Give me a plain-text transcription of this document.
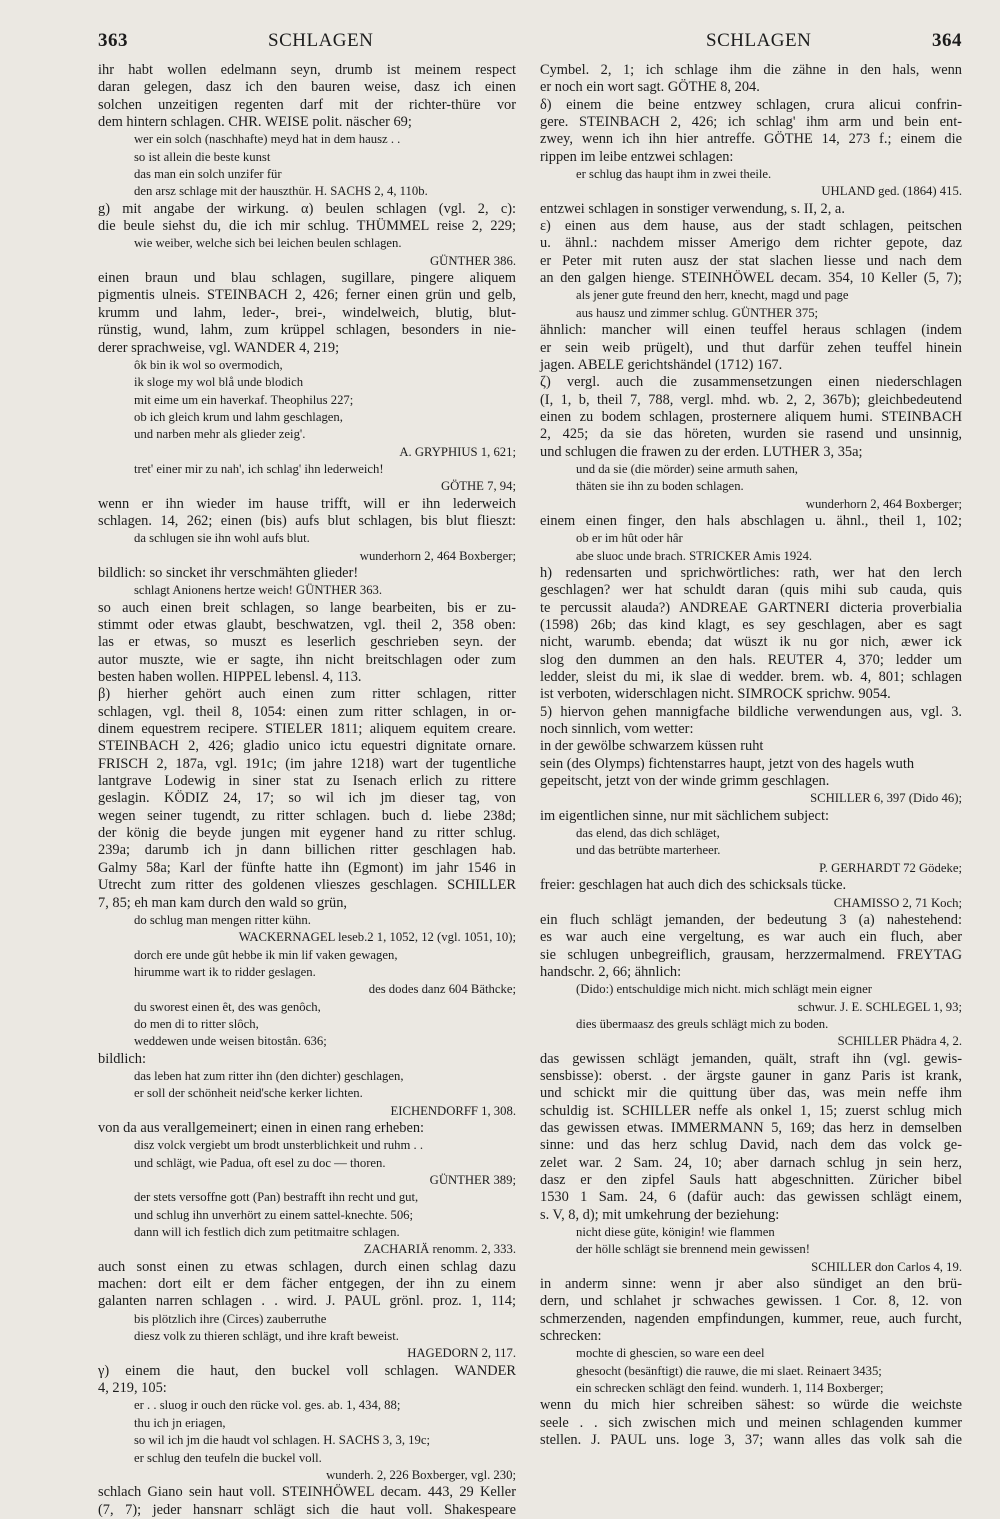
363	SCHLAGEN	SCHLAGEN	364
ihr habt wollen edelmann seyn, drumb ist meinem respect
daran gelegen, dasz ich den bauren weise, dasz ich einen
solchen unzeitigen regenten darf mit der richter-thüre vor
dem hintern schlagen. CHR. WEISE polit. näscher 69;
wer ein solch (naschhafte) meyd hat in dem hausz . .
so ist allein die beste kunst
das man ein solch unzifer für
den arsz schlage mit der hauszthür. H. SACHS 2, 4, 110b.
g) mit angabe der wirkung. α) beulen schlagen (vgl. 2, c):
die beule siehst du, die ich mir schlug. THÜMMEL reise 2, 229;
wie weiber, welche sich bei leichen beulen schlagen.
GÜNTHER 386.
einen braun und blau schlagen, sugillare, pingere aliquem
pigmentis ulneis. STEINBACH 2, 426; ferner einen grün und gelb,
krumm und lahm, leder-, brei-, windelweich, blutig, blut-
rünstig, wund, lahm, zum krüppel schlagen, besonders in nie-
derer sprachweise, vgl. WANDER 4, 219;
ôk bin ik wol so overmodich,
ik sloge my wol blå unde blodich
mit eime um ein haverkaf. Theophilus 227;
ob ich gleich krum und lahm geschlagen,
und narben mehr als glieder zeig'.
A. GRYPHIUS 1, 621;
tret' einer mir zu nah', ich schlag' ihn lederweich!
GÖTHE 7, 94;
wenn er ihn wieder im hause trifft, will er ihn lederweich
schlagen. 14, 262; einen (bis) aufs blut schlagen, bis blut flieszt:
da schlugen sie ihn wohl aufs blut.
wunderhorn 2, 464 Boxberger;
bildlich: so sincket ihr verschmähten glieder!
schlagt Anionens hertze weich! GÜNTHER 363.
so auch einen breit schlagen, so lange bearbeiten, bis er zu-
stimmt oder etwas glaubt, beschwatzen, vgl. theil 2, 358 oben:
las er etwas, so muszt es leserlich geschrieben seyn. der
autor muszte, wie er sagte, ihn nicht breitschlagen oder zum
besten haben wollen. HIPPEL lebensl. 4, 113.
β) hierher gehört auch einen zum ritter schlagen, ritter
schlagen, vgl. theil 8, 1054: einen zum ritter schlagen, in or-
dinem equestrem recipere. STIELER 1811; aliquem equitem creare.
STEINBACH 2, 426; gladio unico ictu equestri dignitate ornare.
FRISCH 2, 187a, vgl. 191c; (im jahre 1218) wart der tugentliche
lantgrave Lodewig in siner stat zu Isenach erlich zu rittere
geslagin. KÖDIZ 24, 17; so wil ich jm dieser tag, von
wegen seiner tugendt, zu ritter schlagen. buch d. liebe 238d;
der könig die beyde jungen mit eygener hand zu ritter schlug.
239a; darumb ich jn dann billichen ritter geschlagen hab.
Galmy 58a; Karl der fünfte hatte ihn (Egmont) im jahr 1546 in
Utrecht zum ritter des goldenen vlieszes geschlagen. SCHILLER
7, 85; eh man kam durch den wald so grün,
do schlug man mengen ritter kühn.
WACKERNAGEL leseb.2 1, 1052, 12 (vgl. 1051, 10);
dorch ere unde gût hebbe ik min lif vaken gewagen,
hirumme wart ik to ridder geslagen.
des dodes danz 604 Bäthcke;
du sworest einen êt, des was genôch,
do men di to ritter slôch,
weddewen unde weisen bitostân. 636;
bildlich:
das leben hat zum ritter ihn (den dichter) geschlagen,
er soll der schönheit neid'sche kerker lichten.
EICHENDORFF 1, 308.
von da aus verallgemeinert; einen in einen rang erheben:
disz volck vergiebt um brodt unsterblichkeit und ruhm . .
und schlägt, wie Padua, oft esel zu doc — thoren.
GÜNTHER 389;
der stets versoffne gott (Pan) bestrafft ihn recht und gut,
und schlug ihn unverhört zu einem sattel-knechte. 506;
dann will ich festlich dich zum petitmaitre schlagen.
ZACHARIÄ renomm. 2, 333.
auch sonst einen zu etwas schlagen, durch einen schlag dazu
machen: dort eilt er dem fächer entgegen, der ihn zu einem
galanten narren schlagen . . wird. J. PAUL grönl. proz. 1, 114;
bis plötzlich ihre (Circes) zauberruthe
diesz volk zu thieren schlägt, und ihre kraft beweist.
HAGEDORN 2, 117.
γ) einem die haut, den buckel voll schlagen. WANDER
4, 219, 105:
er . . sluog ir ouch den rücke vol. ges. ab. 1, 434, 88;
thu ich jn eriagen,
so wil ich jm die haudt vol schlagen. H. SACHS 3, 3, 19c;
er schlug den teufeln die buckel voll.
wunderh. 2, 226 Boxberger, vgl. 230;
schlach Giano sein haut voll. STEINHÖWEL decam. 443, 29 Keller
(7, 7); jeder hansnarr schlägt sich die haut voll. Shakespeare
Cymbel. 2, 1; ich schlage ihm die zähne in den hals, wenn
er noch ein wort sagt. GÖTHE 8, 204.
δ) einem die beine entzwey schlagen, crura alicui confrin-
gere. STEINBACH 2, 426; ich schlag' ihm arm und bein ent-
zwey, wenn ich ihn hier antreffe. GÖTHE 14, 273 f.; einem die
rippen im leibe entzwei schlagen:
er schlug das haupt ihm in zwei theile.
UHLAND ged. (1864) 415.
entzwei schlagen in sonstiger verwendung, s. II, 2, a.
ε) einen aus dem hause, aus der stadt schlagen, peitschen
u. ähnl.: nachdem misser Amerigo dem richter gepote, daz
er Peter mit ruten ausz der stat slachen liesse und nach dem
an den galgen hienge. STEINHÖWEL decam. 354, 10 Keller (5, 7);
als jener gute freund den herr, knecht, magd und page
aus hausz und zimmer schlug. GÜNTHER 375;
ähnlich: mancher will einen teuffel heraus schlagen (indem
er sein weib prügelt), und thut darfür zehen teuffel hinein
jagen. ABELE gerichtshändel (1712) 167.
ζ) vergl. auch die zusammensetzungen einen niederschlagen
(I, 1, b, theil 7, 788, vergl. mhd. wb. 2, 2, 367b); gleichbedeutend
einen zu bodem schlagen, prosternere aliquem humi. STEINBACH
2, 425; da sie das höreten, wurden sie rasend und unsinnig,
und schlugen die frawen zu der erden. LUTHER 3, 35a;
und da sie (die mörder) seine armuth sahen,
thäten sie ihn zu boden schlagen.
wunderhorn 2, 464 Boxberger;
einem einen finger, den hals abschlagen u. ähnl., theil 1, 102;
ob er im hût oder hâr
abe sluoc unde brach. STRICKER Amis 1924.
h) redensarten und sprichwörtliches: rath, wer hat den lerch
geschlagen? wer hat schuldt daran (quis mihi sub cauda, quis
te percussit alauda?) ANDREAE GARTNERI dicteria proverbialia
(1598) 26b; das kind klagt, es sey geschlagen, aber es sagt
nicht, warumb. ebenda; dat wüszt ik nu gor nich, æwer ick
slog den dummen an den hals. REUTER 4, 370; ledder um
ledder, sleist du mi, ik slae di wedder. brem. wb. 4, 801; schlagen
ist verboten, widerschlagen nicht. SIMROCK sprichw. 9054.
5) hiervon gehen mannigfache bildliche verwendungen aus, vgl. 3.
noch sinnlich, vom wetter:
in der gewölbe schwarzem küssen ruht
sein (des Olymps) fichtenstarres haupt, jetzt von des hagels wuth
gepeitscht, jetzt von der winde grimm geschlagen.
SCHILLER 6, 397 (Dido 46);
im eigentlichen sinne, nur mit sächlichem subject:
das elend, das dich schläget,
und das betrübte marterheer.
P. GERHARDT 72 Gödeke;
freier: geschlagen hat auch dich des schicksals tücke.
CHAMISSO 2, 71 Koch;
ein fluch schlägt jemanden, der bedeutung 3 (a) nahestehend:
es war auch eine vergeltung, es war auch ein fluch, aber
sie schlugen unbegreiflich, grausam, herzzermalmend. FREYTAG
handschr. 2, 66; ähnlich:
(Dido:) entschuldige mich nicht. mich schlägt mein eigner
schwur. J. E. SCHLEGEL 1, 93;
dies übermaasz des greuls schlägt mich zu boden.
SCHILLER Phädra 4, 2.
das gewissen schlägt jemanden, quält, straft ihn (vgl. gewis-
sensbisse): oberst. . der ärgste gauner in ganz Paris ist krank,
und schickt mir die quittung über das, was mein neffe ihm
schuldig ist. SCHILLER neffe als onkel 1, 15; zuerst schlug mich
das gewissen etwas. IMMERMANN 5, 169; das herz in demselben
sinne: und das herz schlug David, nach dem das volck ge-
zelet war. 2 Sam. 24, 10; aber darnach schlug jn sein herz,
dasz er den zipfel Sauls hatt abgeschnitten. Züricher bibel
1530 1 Sam. 24, 6 (dafür auch: das gewissen schlägt einem,
s. V, 8, d); mit umkehrung der beziehung:
nicht diese güte, königin! wie flammen
der hölle schlägt sie brennend mein gewissen!
SCHILLER don Carlos 4, 19.
in anderm sinne: wenn jr aber also sündiget an den brü-
dern, und schlahet jr schwaches gewissen. 1 Cor. 8, 12. von
schmerzenden, nagenden empfindungen, kummer, reue, auch furcht,
schrecken:
mochte di ghescien, so ware een deel
ghesocht (besänftigt) die rauwe, die mi slaet. Reinaert 3435;
ein schrecken schlägt den feind. wunderh. 1, 114 Boxberger;
wenn du mich hier schreiben sähest: so würde die weichste
seele . . sich zwischen mich und meinen schlagenden kummer
stellen. J. PAUL uns. loge 3, 37; wann alles das volk sah die
